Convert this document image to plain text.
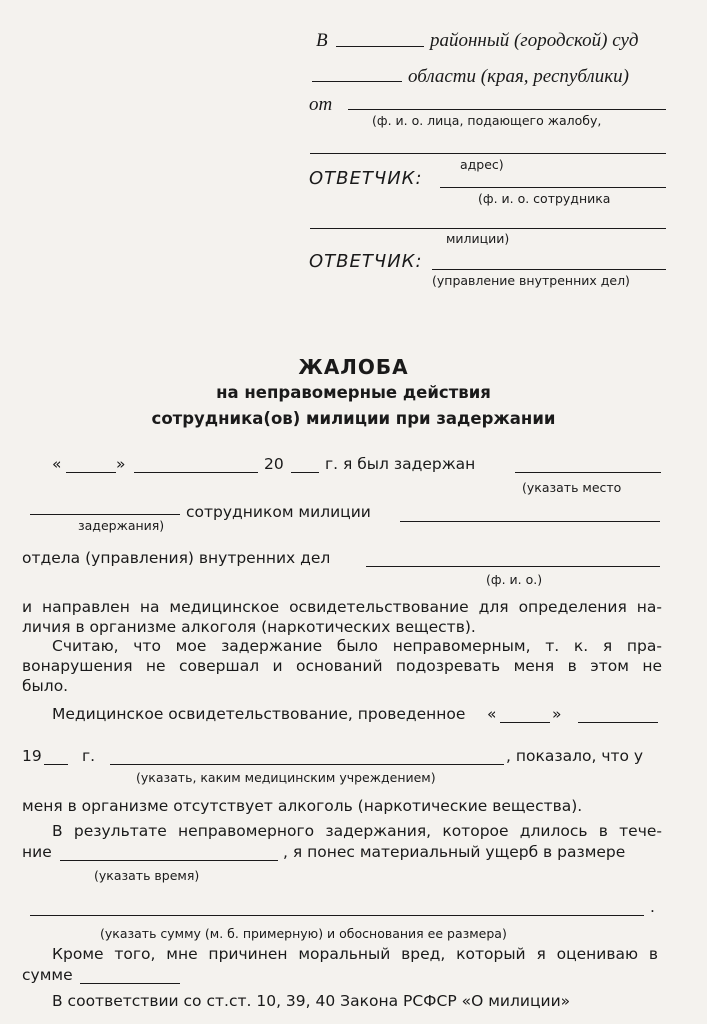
В	районный (городской) суд
области (края, республики)
от
(ф. и. о. лица, подающего жалобу,
адрес)
ОТВЕТЧИК:
(ф. и. о. сотрудника
милиции)
ОТВЕТЧИК:
(управление внутренних дел)
ЖАЛОБА
на неправомерные действия
сотрудника(ов) милиции при задержании
«	»	20	г. я был задержан
(указать место
задержания)
сотрудником милиции
отдела (управления) внутренних дел
(ф. и. о.)
и направлен на медицинское освидетельствование для определения на-
личия в организме алкоголя (наркотических веществ).
Считаю, что мое задержание было неправомерным, т. к. я пра-
вонарушения не совершал и оснований подозревать меня в этом не
было.
Медицинское освидетельствование, проведенное «	»
19	г.	, показало, что у
(указать, каким медицинским учреждением)
меня в организме отсутствует алкоголь (наркотические вещества).
В результате неправомерного задержания, которое длилось в тече-
ние	, я понес материальный ущерб в размере
(указать время)
.
(указать сумму (м. б. примерную) и обоснования ее размера)
Кроме того, мне причинен моральный вред, который я оцениваю в
сумме
В соответствии со ст.ст. 10, 39, 40 Закона РСФСР «О милиции»
